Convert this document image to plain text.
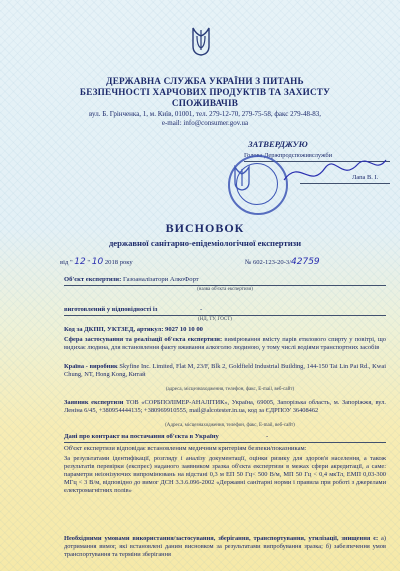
ДЕРЖАВНА СЛУЖБА УКРАЇНИ З ПИТАНЬ
БЕЗПЕЧНОСТІ ХАРЧОВИХ ПРОДУКТІВ ТА ЗАХИСТУ
СПОЖИВАЧІВ
вул. Б. Грінченка, 1, м. Київ, 01001, тел. 279-12-70, 279-75-58, факс 279-48-83,
e-mail: info@consumer.gov.ua
ЗАТВЕРДЖУЮ
Голова Держпродспоживслужби
Лапа В. І.
ВИСНОВОК
державної санітарно-епідеміологічної експертизи
від " 12 " 10 2018 року	№ 602-123-20-3/42759
Об'єкт експертизи: Газоаналізатори АлкоФорт
(назва об'єкта експертизи)
виготовлений у відповідності із	-
(НД, ТУ, ГОСТ)
Код за ДКПП, УКТЗЕД, артикул: 9027 10 10 00

Сфера застосування та реалізації об'єкта експертизи: вимірювання вмісту парів етилового спирту у повітрі, що видихає людина, для встановлення факту вживання алкоголю людиною, у тому числі водіями транспортних засобів

Країна - виробник Skyfine Inc. Limited, Flat M, 23/F, Blk 2, Goldfield Industrial Building, 144-150 Tai Lin Pai Rd., Kwai Chung, NT, Hong Kong, Китай

(адреса, місцезнаходження, телефон, факс, E-mail, веб-сайт)

Заявник експертизи ТОВ «СОРБПОЛІМЕР-АНАЛІТИК», Україна, 69005, Запорізька область, м. Запоріжжя, вул. Леніна 6/45, +380954444135; +380969910555, mail@alcotester.in.ua, код за ЄДРПОУ 36408462

(Адреса, місцезнаходження, телефон, факс, E-mail, веб-сайт)
Дані про контракт на постачання об'єкта в Україну	-
Об'єкт експертизи відповідає встановленим медичним критеріям безпеки/показникам:

За результатами ідентифікації, розгляду і аналізу документації, оцінки ризику для здоров'я населення, а також результатів перевірки (експрес) наданого заявником зразка об'єкта експертизи в межах сфери акредитації, а саме: параметри неіонізуючих випромінювань на відстані 0,3 м ЕП 50 Гц< 500 В/м, МП 50 Гц < 0,4 мкТл, ЕМП 0,03-300 МГц < 3 В/м, відповідно до вимог ДСН 3.3.6.096-2002 «Державні санітарні норми і правила при роботі з джерелами електромагнітних полів»

Необхідними умовами використання/застосування, зберігання, транспортування, утилізації, знищення є: а) дотримання вимог, які встановлені даним висновком за результатами випробування зразка; б) забезпечення умов транспортування та терміни зберігання
